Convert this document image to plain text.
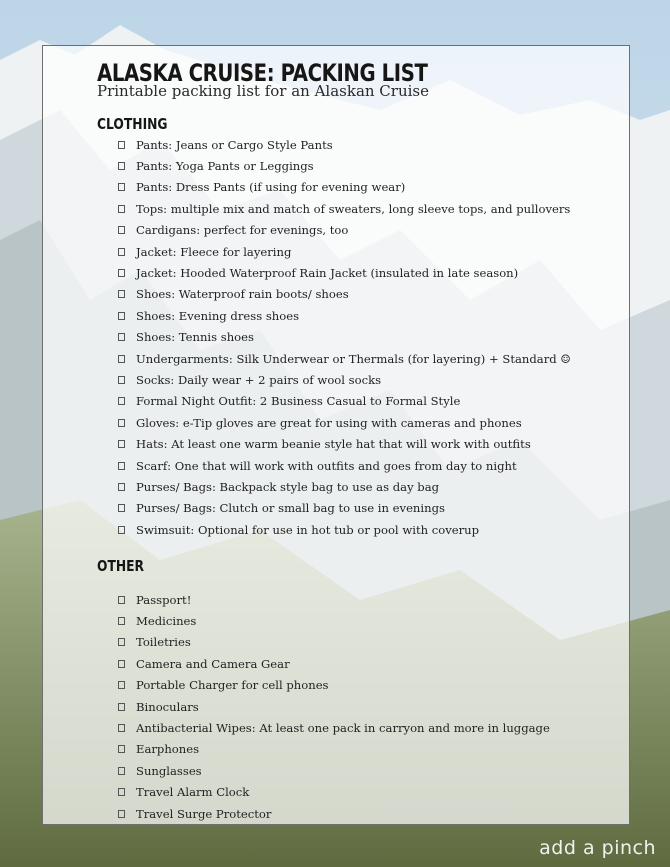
ALASKA CRUISE: PACKING LIST

Printable packing list for an Alaskan Cruise

CLOTHING
Pants: Jeans or Cargo Style Pants
Pants: Yoga Pants or Leggings
Pants: Dress Pants (if using for evening wear)
Tops: multiple mix and match of sweaters, long sleeve tops, and pullovers
Cardigans: perfect for evenings, too
Jacket: Fleece for layering
Jacket: Hooded Waterproof Rain Jacket (insulated in late season)
Shoes: Waterproof rain boots/ shoes
Shoes: Evening dress shoes
Shoes: Tennis shoes
Undergarments: Silk Underwear or Thermals (for layering) + Standard ☺
Socks: Daily wear + 2 pairs of wool socks
Formal Night Outfit: 2 Business Casual to Formal Style
Gloves: e-Tip gloves are great for using with cameras and phones
Hats: At least one warm beanie style hat that will work with outfits
Scarf: One that will work with outfits and goes from day to night
Purses/ Bags: Backpack style bag to use as day bag
Purses/ Bags: Clutch or small bag to use in evenings
Swimsuit: Optional for use in hot tub or pool with coverup
OTHER
Passport!
Medicines
Toiletries
Camera and Camera Gear
Portable Charger for cell phones
Binoculars
Antibacterial Wipes: At least one pack in carryon and more in luggage
Earphones
Sunglasses
Travel Alarm Clock
Travel Surge Protector
add a pinch
